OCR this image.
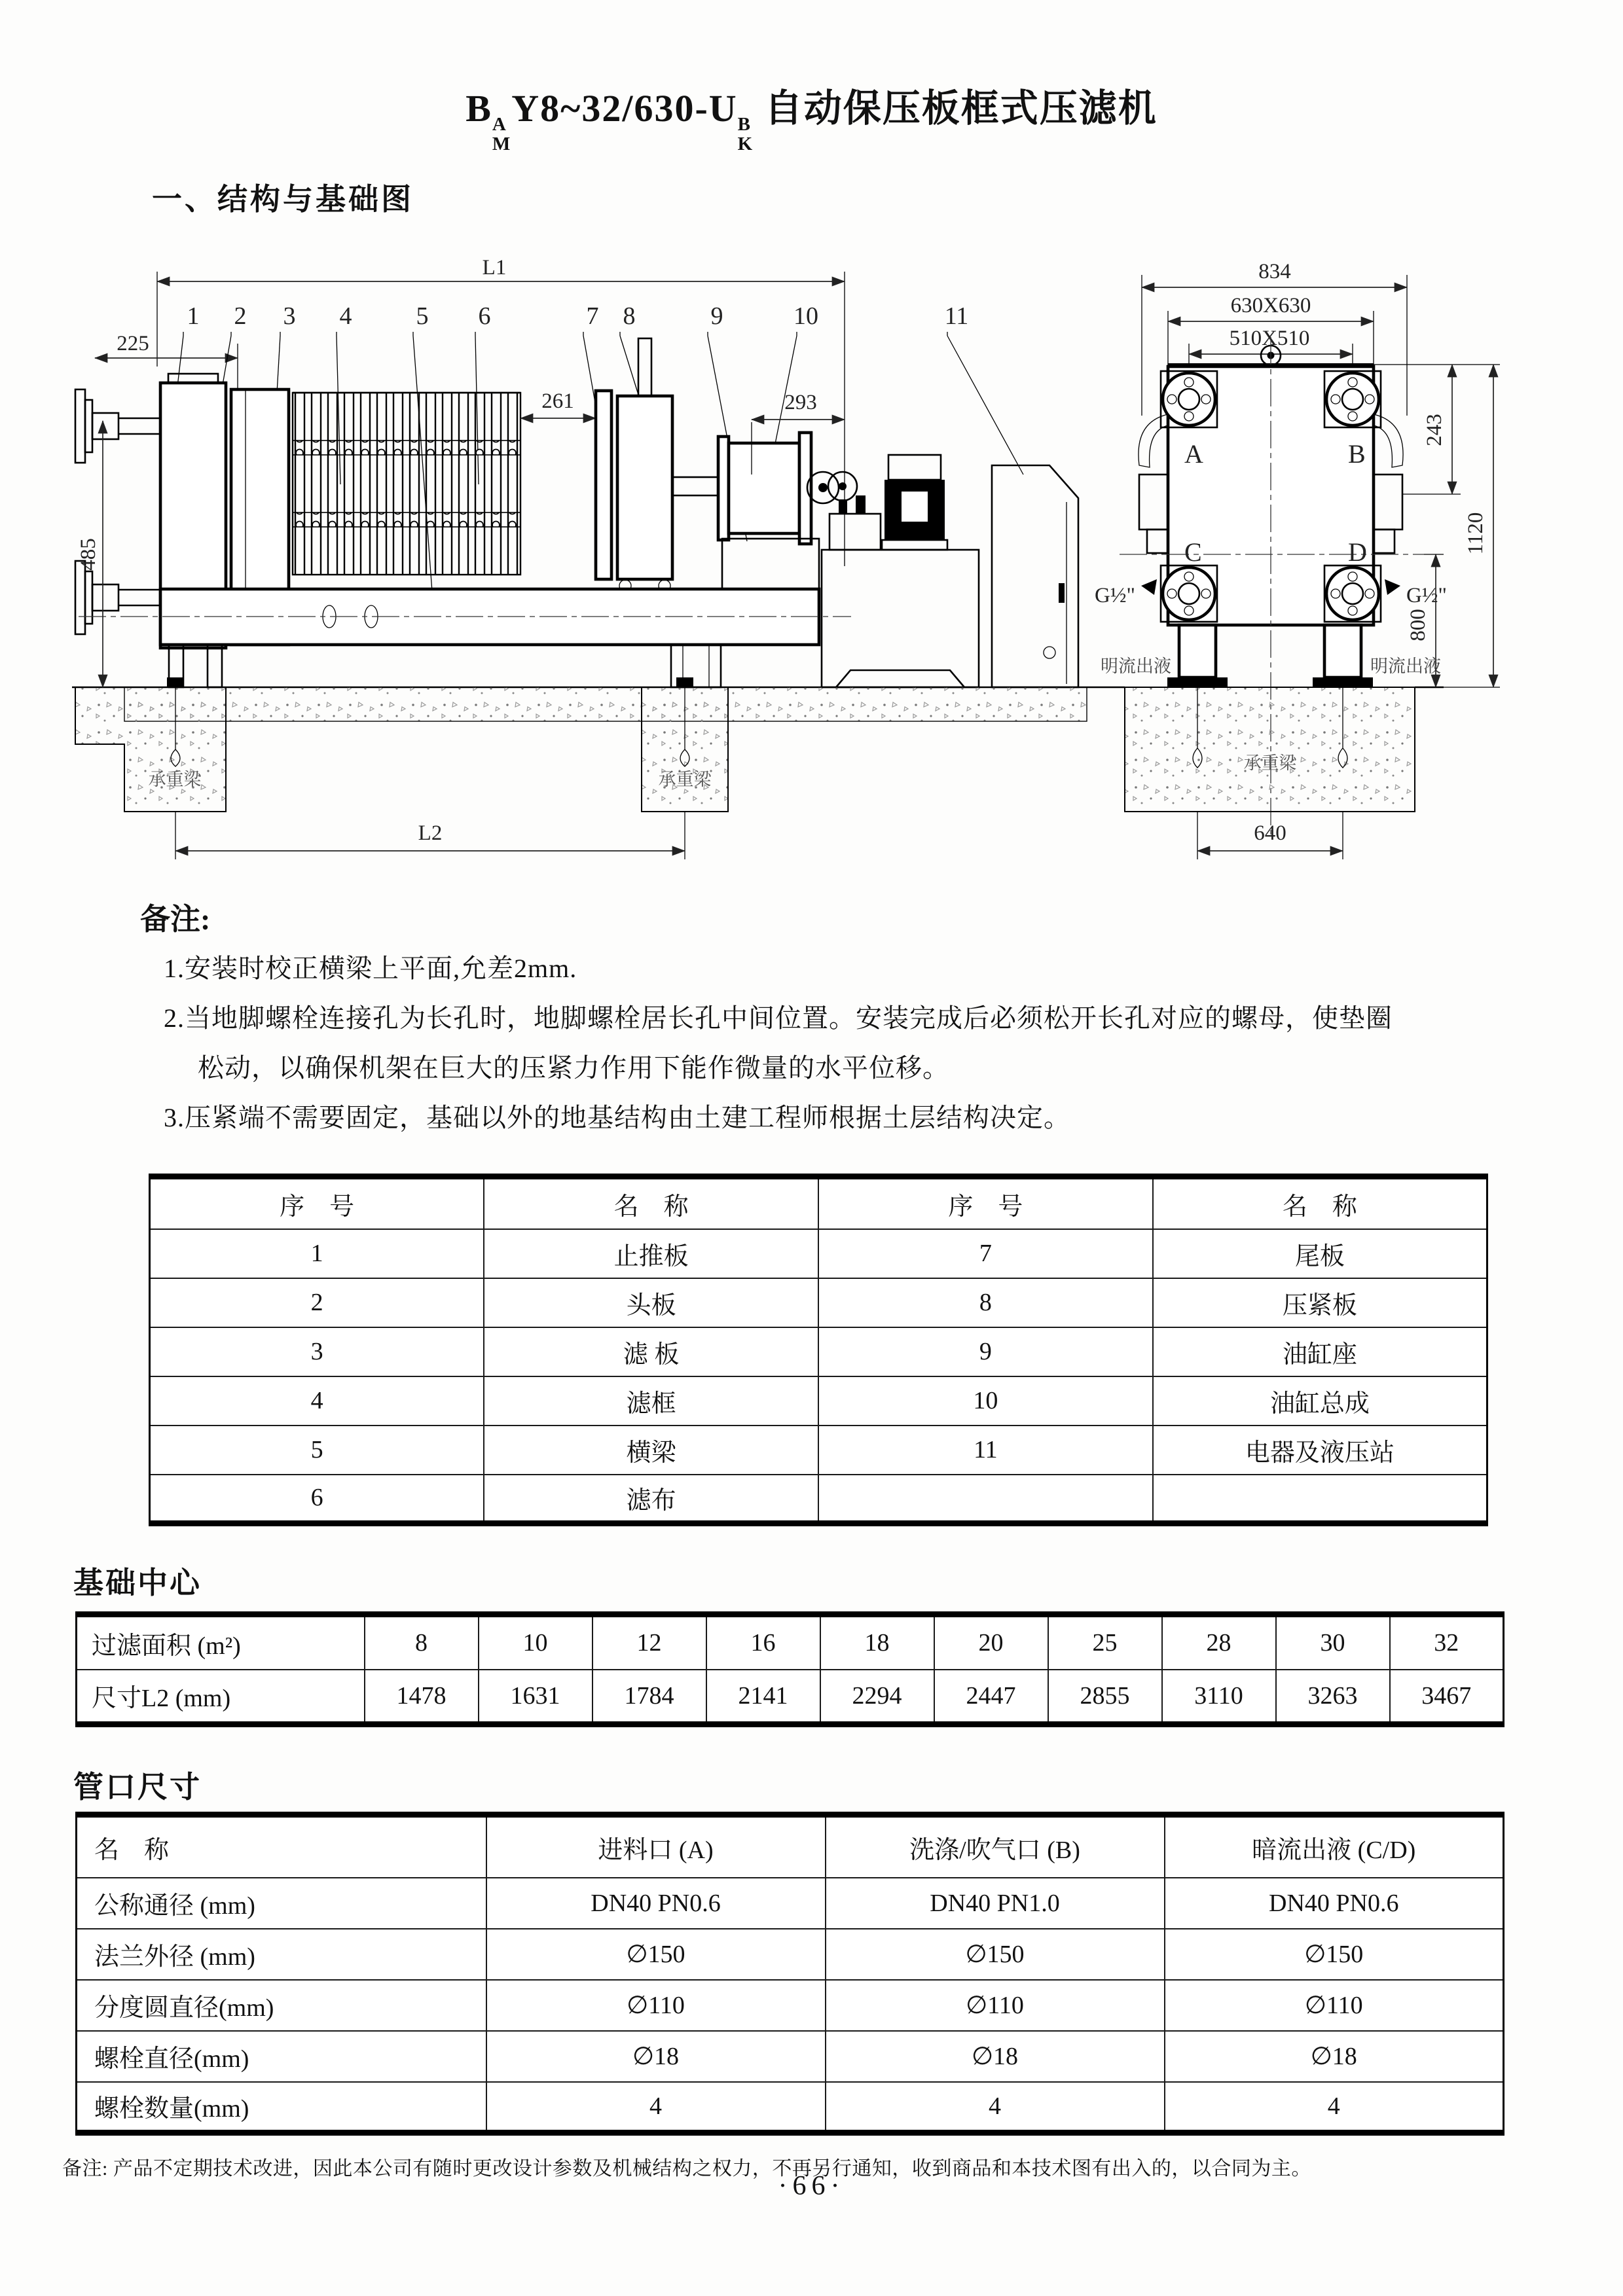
B A
M
Y8~32/630-U B
K
自动保压板框式压滤机
一、结构与基础图
L1
225
1 2 3 4	5 6	7 8	9	10	11
261	293
承重梁	承重梁
485
L2
834
630X630
510X510
A	B
C	D
G½"	G½"
明流出液	明流出液
承重梁
640
243
800
1120
备注:
1.安装时校正横梁上平面,允差2mm.
2.当地脚螺栓连接孔为长孔时，地脚螺栓居长孔中间位置。安装完成后必须松开长孔对应的螺母，使垫圈
松动，以确保机架在巨大的压紧力作用下能作微量的水平位移。
3.压紧端不需要固定，基础以外的地基结构由土建工程师根据土层结构决定。
序　号	名　称	序　号	名　称
1	止推板	7	尾板
2	头板	8	压紧板
3	滤 板	9	油缸座
4	滤框	10	油缸总成
5	横梁	11	电器及液压站
6	滤布		
基础中心
过滤面积 (m²)	8	10	12	16	18	20	25	28	30	32
尺寸L2 (mm)	1478	1631	1784	2141	2294	2447	2855	3110	3263	3467
管口尺寸
名　称	进料口 (A)	洗涤/吹气口 (B)	暗流出液 (C/D)
公称通径 (mm)	DN40 PN0.6	DN40 PN1.0	DN40 PN0.6
法兰外径 (mm)	∅150	∅150	∅150
分度圆直径(mm)	∅110	∅110	∅110
螺栓直径(mm)	∅18	∅18	∅18
螺栓数量(mm)	4	4	4
备注: 产品不定期技术改进，因此本公司有随时更改设计参数及机械结构之权力，不再另行通知，收到商品和本技术图有出入的，以合同为主。
·66·
